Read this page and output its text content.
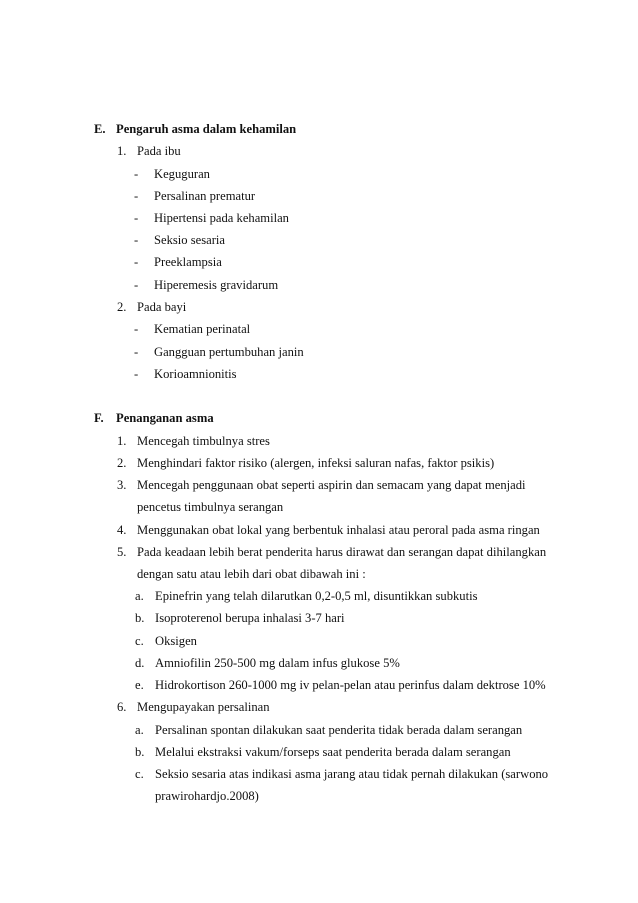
E. Pengaruh asma dalam kehamilan
1. Pada ibu
- Keguguran
- Persalinan prematur
- Hipertensi pada kehamilan
- Seksio sesaria
- Preeklampsia
- Hiperemesis gravidarum
2. Pada bayi
- Kematian perinatal
- Gangguan pertumbuhan janin
- Korioamnionitis
F. Penanganan asma
1. Mencegah timbulnya stres
2. Menghindari faktor risiko (alergen, infeksi saluran nafas, faktor psikis)
3. Mencegah penggunaan obat seperti aspirin dan semacam yang dapat menjadi
pencetus timbulnya serangan
4. Menggunakan obat lokal yang berbentuk inhalasi atau peroral pada asma ringan
5. Pada keadaan lebih berat penderita harus dirawat dan serangan dapat dihilangkan
dengan satu atau lebih dari obat dibawah ini :
a. Epinefrin yang telah dilarutkan 0,2-0,5 ml, disuntikkan subkutis
b. Isoproterenol berupa inhalasi 3-7 hari
c. Oksigen
d. Amniofilin 250-500 mg dalam infus glukose 5%
e. Hidrokortison 260-1000 mg iv pelan-pelan atau perinfus dalam dektrose 10%
6. Mengupayakan persalinan
a. Persalinan spontan dilakukan saat penderita tidak berada dalam serangan
b. Melalui ekstraksi vakum/forseps saat penderita berada dalam serangan
c. Seksio sesaria atas indikasi asma jarang atau tidak pernah dilakukan (sarwono
prawirohardjo.2008)
